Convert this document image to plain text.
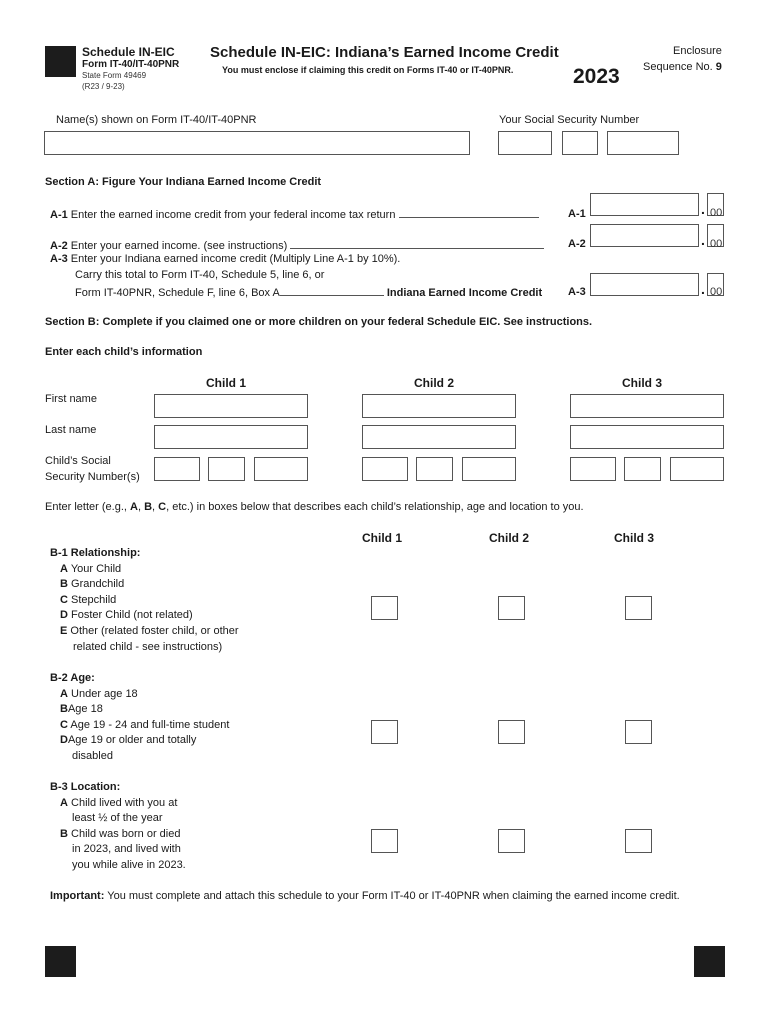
Schedule IN-EIC
Form IT-40/IT-40PNR
State Form 49469
(R23 / 9-23)
Schedule IN-EIC: Indiana’s Earned Income Credit
You must enclose if claiming this credit on Forms IT-40 or IT-40PNR.	2023
Enclosure
Sequence No. 9
Name(s) shown on Form IT-40/IT-40PNR	Your Social Security Number
Section A: Figure Your Indiana Earned Income Credit
A-1 Enter the earned income credit from your federal income tax return	A-1	. 00
A-2 Enter your earned income. (see instructions)	A-2	. 00
A-3 Enter your Indiana earned income credit (Multiply Line A-1 by 10%).
Carry this total to Form IT-40, Schedule 5, line 6, or
Form IT-40PNR, Schedule F, line 6, Box A	Indiana Earned Income Credit A-3	. 00
Section B: Complete if you claimed one or more children on your federal Schedule EIC. See instructions.
Enter each child’s information
Child 1	Child 2	Child 3
First name
Last name
Child’s Social
Security Number(s)
Enter letter (e.g., A, B, C, etc.) in boxes below that describes each child’s relationship, age and location to you.
Child 1	Child 2	Child 3
B-1 Relationship:
A Your Child
B Grandchild
C Stepchild
D Foster Child (not related)
E Other (related foster child, or other
related child - see instructions)
B-2 Age:
A Under age 18
BAge 18
C Age 19 - 24 and full-time student
DAge 19 or older and totally
disabled
B-3 Location:
A Child lived with you at
least ½ of the year
B Child was born or died
in 2023, and lived with
you while alive in 2023.
Important: You must complete and attach this schedule to your Form IT-40 or IT-40PNR when claiming the earned income credit.
